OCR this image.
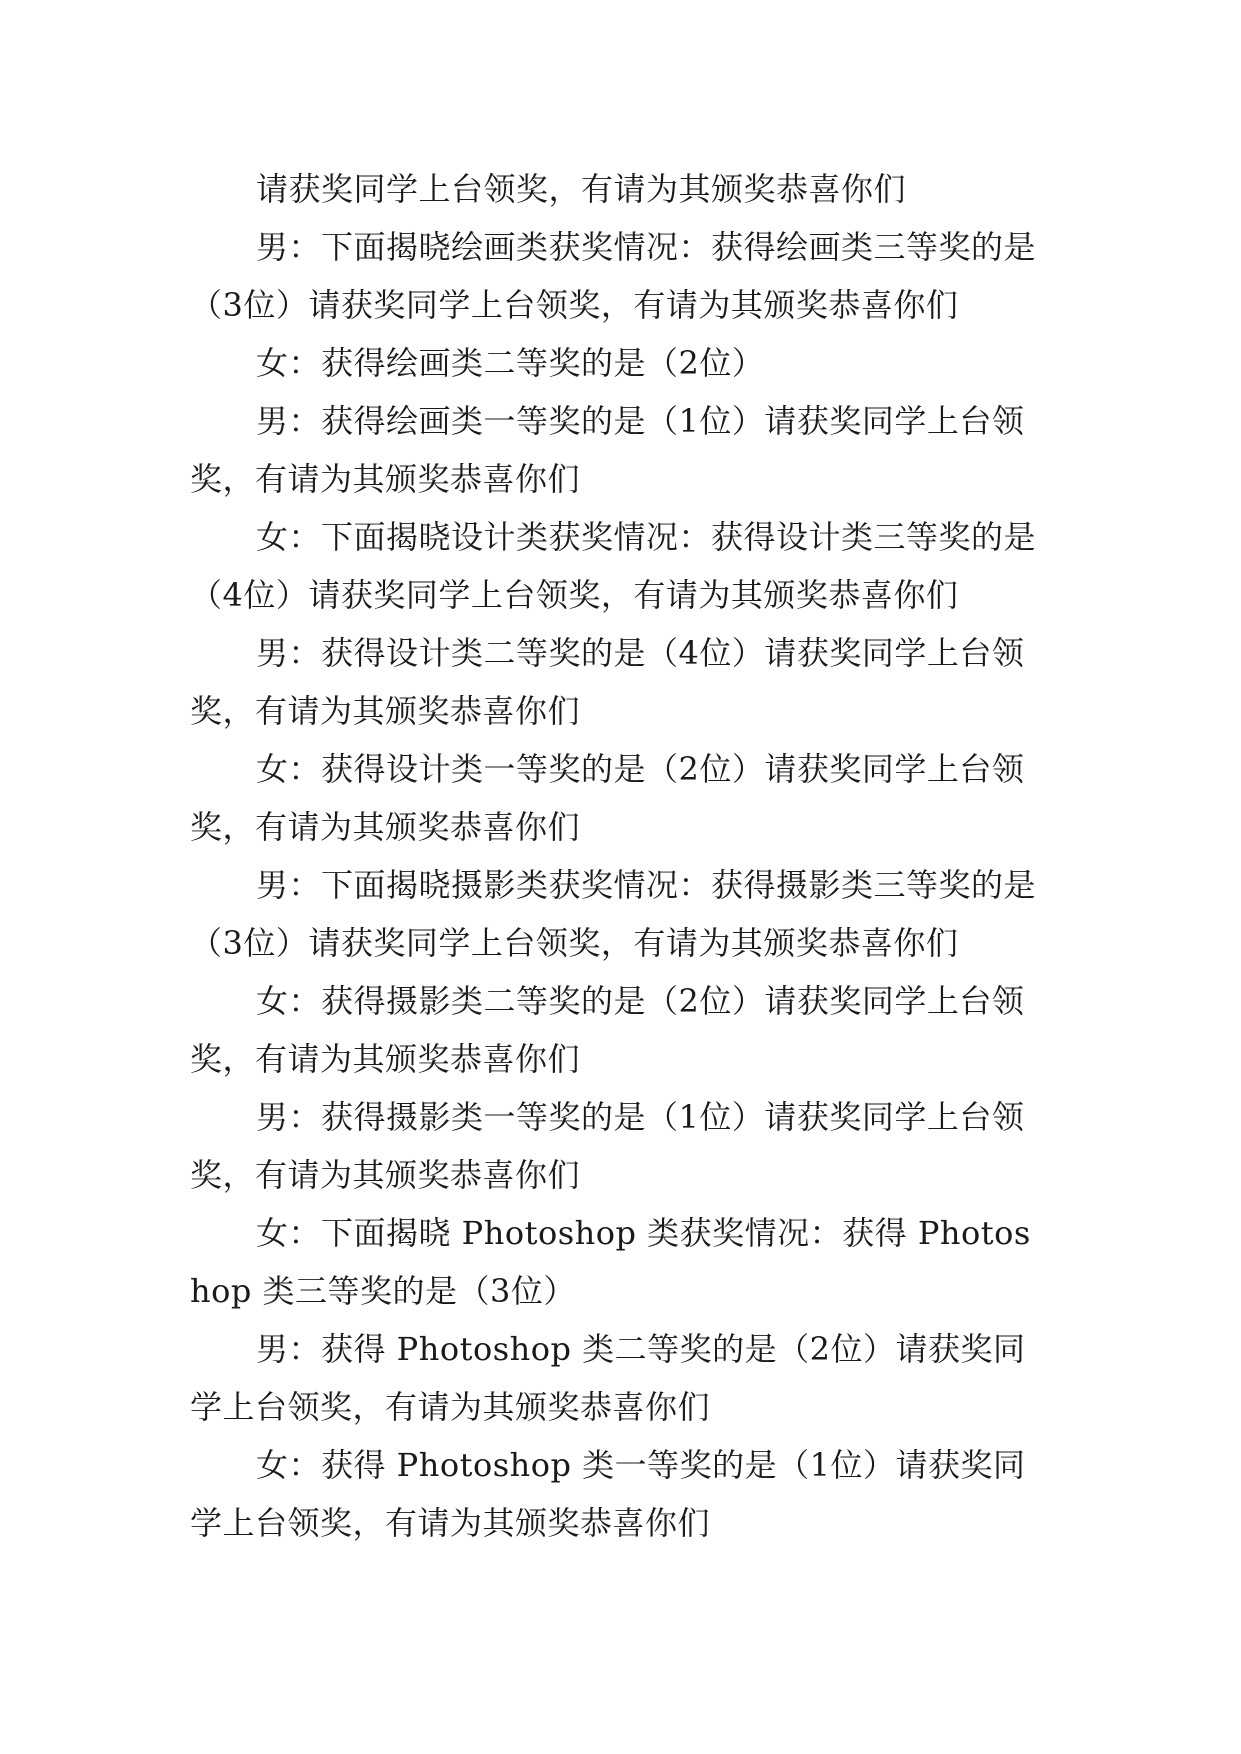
请获奖同学上台领奖，有请为其颁奖恭喜你们

男：下面揭晓绘画类获奖情况：获得绘画类三等奖的是（3位）请获奖同学上台领奖，有请为其颁奖恭喜你们

女：获得绘画类二等奖的是（2位）

男：获得绘画类一等奖的是（1位）请获奖同学上台领奖，有请为其颁奖恭喜你们

女：下面揭晓设计类获奖情况：获得设计类三等奖的是（4位）请获奖同学上台领奖，有请为其颁奖恭喜你们

男：获得设计类二等奖的是（4位）请获奖同学上台领奖，有请为其颁奖恭喜你们

女：获得设计类一等奖的是（2位）请获奖同学上台领奖，有请为其颁奖恭喜你们

男：下面揭晓摄影类获奖情况：获得摄影类三等奖的是（3位）请获奖同学上台领奖，有请为其颁奖恭喜你们

女：获得摄影类二等奖的是（2位）请获奖同学上台领奖，有请为其颁奖恭喜你们

男：获得摄影类一等奖的是（1位）请获奖同学上台领奖，有请为其颁奖恭喜你们

女：下面揭晓 Photoshop 类获奖情况：获得 Photoshop 类三等奖的是（3位）

男：获得 Photoshop 类二等奖的是（2位）请获奖同学上台领奖，有请为其颁奖恭喜你们

女：获得 Photoshop 类一等奖的是（1位）请获奖同学上台领奖，有请为其颁奖恭喜你们
